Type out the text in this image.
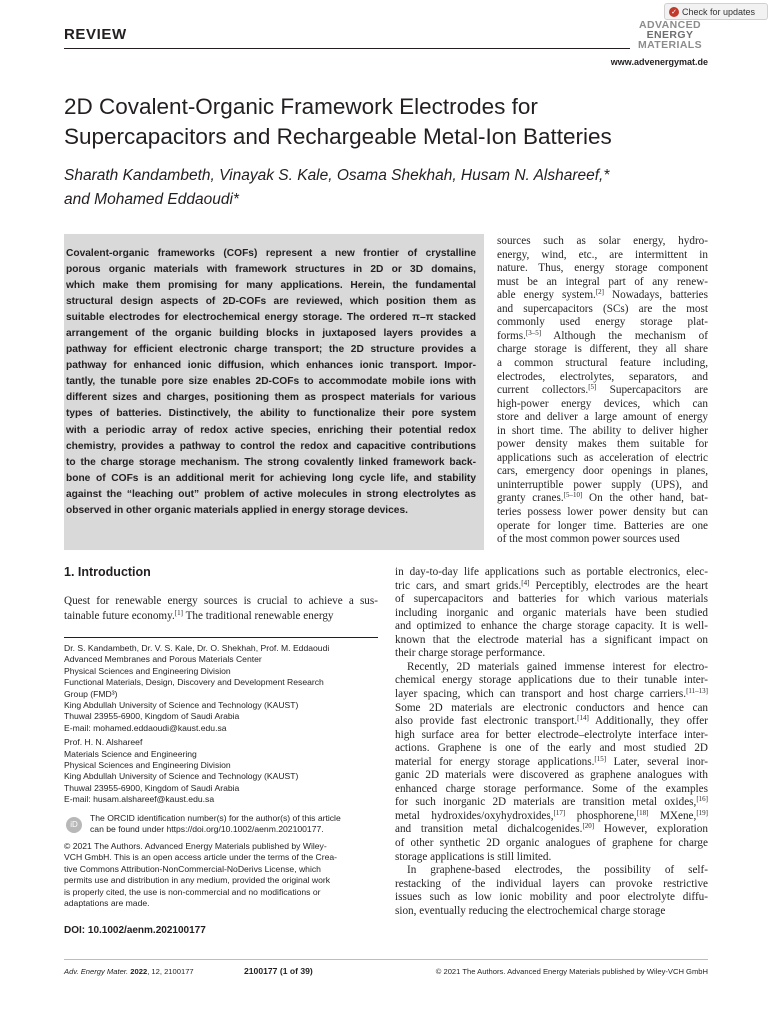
REVIEW
✓ Check for updates
ADVANCED
ENERGY
MATERIALS
www.advenergymat.de
2D Covalent-Organic Framework Electrodes for
Supercapacitors and Rechargeable Metal-Ion Batteries
Sharath Kandambeth, Vinayak S. Kale, Osama Shekhah, Husam N. Alshareef,*
and Mohamed Eddaoudi*
Covalent-organic frameworks (COFs) represent a new frontier of crystalline
porous organic materials with framework structures in 2D or 3D domains,
which make them promising for many applications. Herein, the fundamental
structural design aspects of 2D-COFs are reviewed, which position them as
suitable electrodes for electrochemical energy storage. The ordered π–π stacked
arrangement of the organic building blocks in juxtaposed layers provides a
pathway for efficient electronic charge transport; the 2D structure provides a
pathway for enhanced ionic diffusion, which enhances ionic transport. Impor-
tantly, the tunable pore size enables 2D-COFs to accommodate mobile ions with
different sizes and charges, positioning them as prospect materials for various
types of batteries. Distinctively, the ability to functionalize their pore system
with a periodic array of redox active species, enriching their potential redox
chemistry, provides a pathway to control the redox and capacitive contributions
to the charge storage mechanism. The strong covalently linked framework back-
bone of COFs is an additional merit for achieving long cycle life, and stability
against the “leaching out” problem of active molecules in strong electrolytes as
observed in other organic materials applied in energy storage devices.
sources such as solar energy, hydro-
energy, wind, etc., are intermittent in
nature. Thus, energy storage component
must be an integral part of any renew-
able energy system.[2] Nowadays, batteries
and supercapacitors (SCs) are the most
commonly used energy storage plat-
forms.[3–5] Although the mechanism of
charge storage is different, they all share
a common structural feature including,
electrodes, electrolytes, separators, and
current collectors.[5] Supercapacitors are
high-power energy devices, which can
store and deliver a large amount of energy
in short time. The ability to deliver higher
power density makes them suitable for
applications such as acceleration of electric
cars, emergency door openings in planes,
uninterruptible power supply (UPS), and
granty cranes.[5–10] On the other hand, bat-
teries possess lower power density but can
operate for longer time. Batteries are one
of the most common power sources used
in day-to-day life applications such as portable electronics, elec-
tric cars, and smart grids.[4] Perceptibly, electrodes are the heart
of supercapacitors and batteries for which various materials
including inorganic and organic materials have been studied
and optimized to enhance the charge storage capacity. It is well-
known that the electrode material has a significant impact on
their charge storage performance.
Recently, 2D materials gained immense interest for electro-
chemical energy storage applications due to their tunable inter-
layer spacing, which can transport and host charge carriers.[11–13]
Some 2D materials are electronic conductors and hence can
also provide fast electronic transport.[14] Additionally, they offer
high surface area for better electrode–electrolyte interface inter-
actions. Graphene is one of the early and most studied 2D
material for energy storage applications.[15] Later, several inor-
ganic 2D materials were discovered as graphene analogues with
enhanced charge storage performance. Some of the examples
for such inorganic 2D materials are transition metal oxides,[16]
metal hydroxides/oxyhydroxides,[17] phosphorene,[18] MXene,[19]
and transition metal dichalcogenides.[20] However, exploration
of other synthetic 2D organic analogues of graphene for charge
storage applications is still limited.
In graphene-based electrodes, the possibility of self-
restacking of the individual layers can provoke restrictive
issues such as low ionic mobility and poor electrolyte diffu-
sion, eventually reducing the electrochemical charge storage
1. Introduction
Quest for renewable energy sources is crucial to achieve a sus-
tainable future economy.[1] The traditional renewable energy
Dr. S. Kandambeth, Dr. V. S. Kale, Dr. O. Shekhah, Prof. M. Eddaoudi
Advanced Membranes and Porous Materials Center
Physical Sciences and Engineering Division
Functional Materials, Design, Discovery and Development Research
Group (FMD³)
King Abdullah University of Science and Technology (KAUST)
Thuwal 23955-6900, Kingdom of Saudi Arabia
E-mail: mohamed.eddaoudi@kaust.edu.sa
Prof. H. N. Alshareef
Materials Science and Engineering
Physical Sciences and Engineering Division
King Abdullah University of Science and Technology (KAUST)
Thuwal 23955-6900, Kingdom of Saudi Arabia
E-mail: husam.alshareef@kaust.edu.sa
iD
The ORCID identification number(s) for the author(s) of this article
can be found under https://doi.org/10.1002/aenm.202100177.
© 2021 The Authors. Advanced Energy Materials published by Wiley-
VCH GmbH. This is an open access article under the terms of the Crea-
tive Commons Attribution-NonCommercial-NoDerivs License, which
permits use and distribution in any medium, provided the original work
is properly cited, the use is non-commercial and no modifications or
adaptations are made.
DOI: 10.1002/aenm.202100177
Adv. Energy Mater. 2022, 12, 2100177	2100177 (1 of 39)	© 2021 The Authors. Advanced Energy Materials published by Wiley-VCH GmbH
